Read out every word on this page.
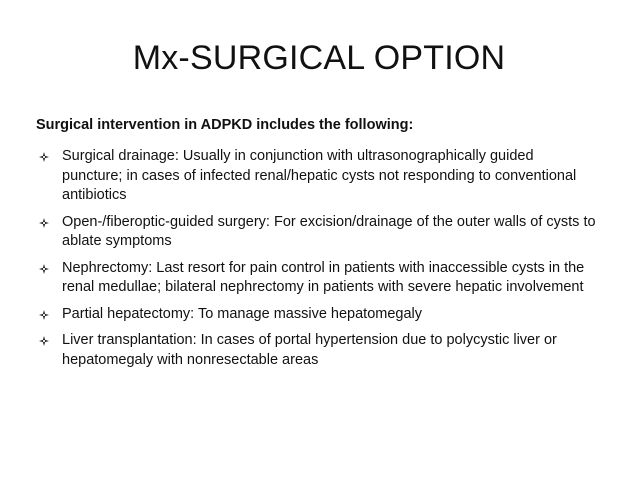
Mx-SURGICAL OPTION

Surgical intervention in ADPKD includes the following:

Surgical drainage: Usually in conjunction with ultrasonographically guided puncture; in cases of infected renal/hepatic cysts not responding to conventional antibiotics
Open-/fiberoptic-guided surgery: For excision/drainage of the outer walls of cysts to ablate symptoms
Nephrectomy: Last resort for pain control in patients with inaccessible cysts in the renal medullae; bilateral nephrectomy in patients with severe hepatic involvement
Partial hepatectomy: To manage massive hepatomegaly
Liver transplantation: In cases of portal hypertension due to polycystic liver or hepatomegaly with nonresectable areas
